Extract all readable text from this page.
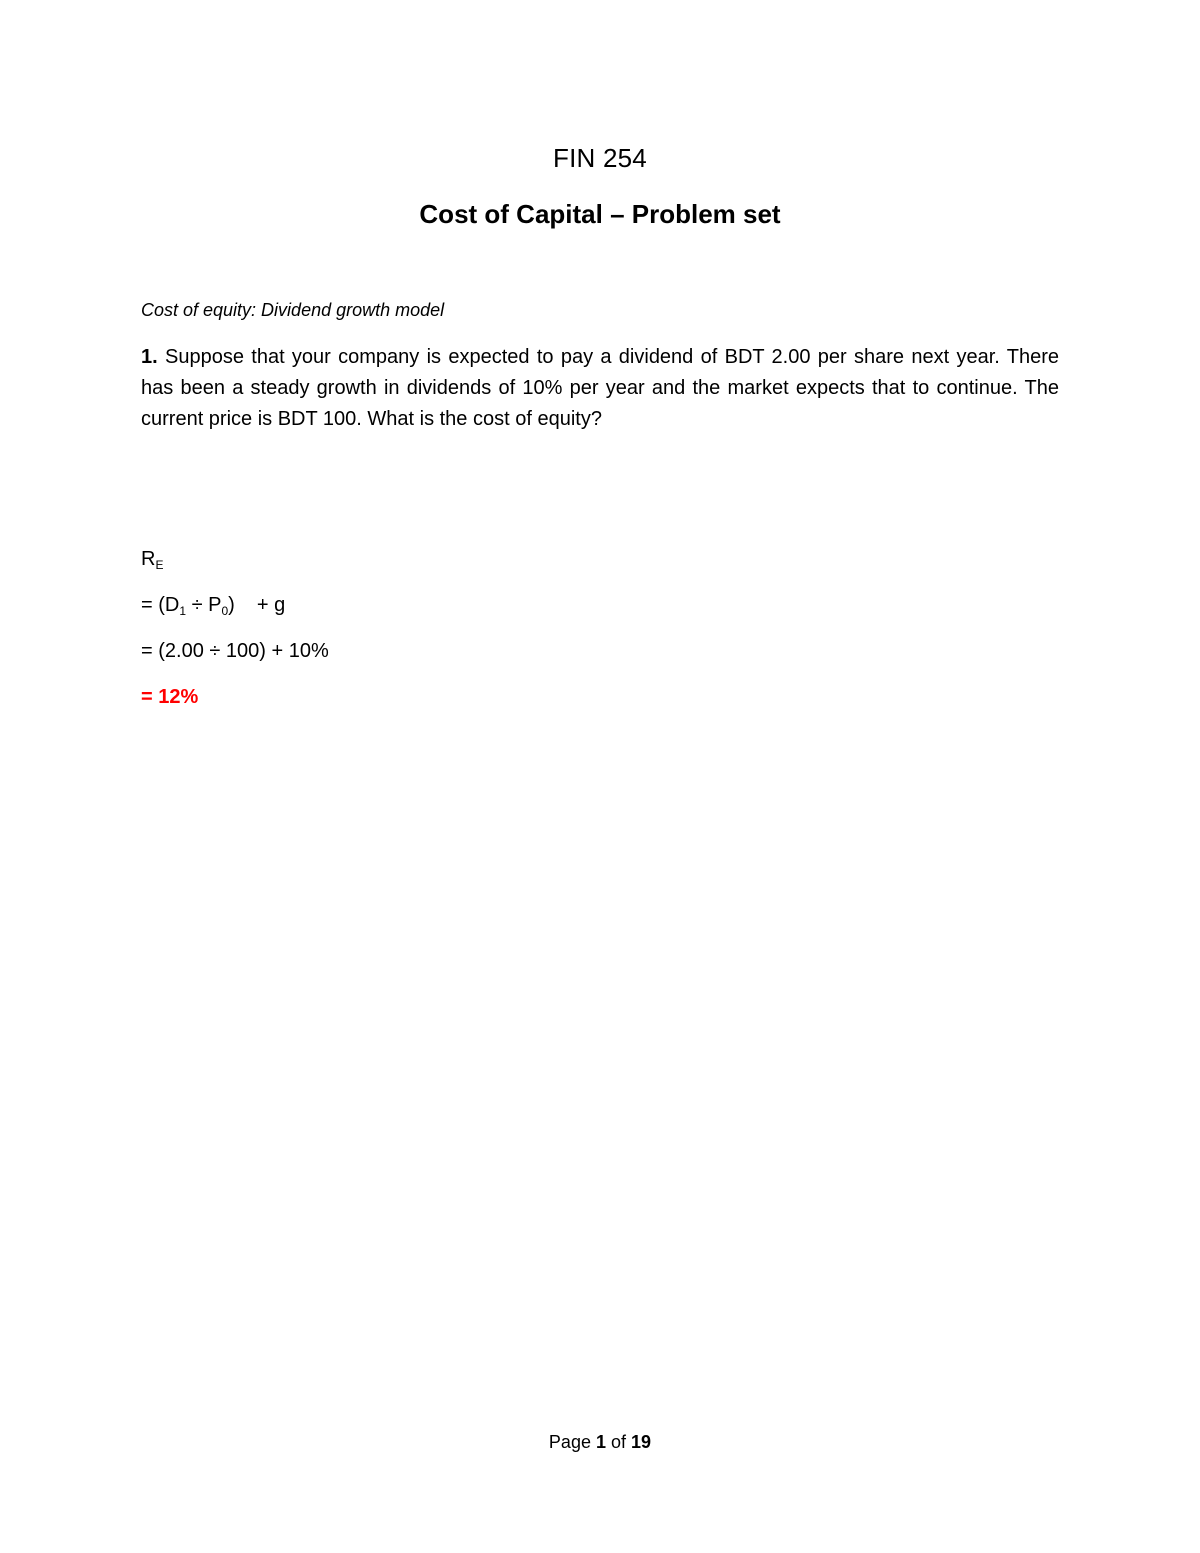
FIN 254
Cost of Capital – Problem set
Cost of equity: Dividend growth model
1. Suppose that your company is expected to pay a dividend of BDT 2.00 per share next year. There has been a steady growth in dividends of 10% per year and the market expects that to continue. The current price is BDT 100. What is the cost of equity?
$R_E$
= $(D_1 \div P_0) + g$
= (2.00 ÷ 100) + 10%
= 12%
Page 1 of 19
